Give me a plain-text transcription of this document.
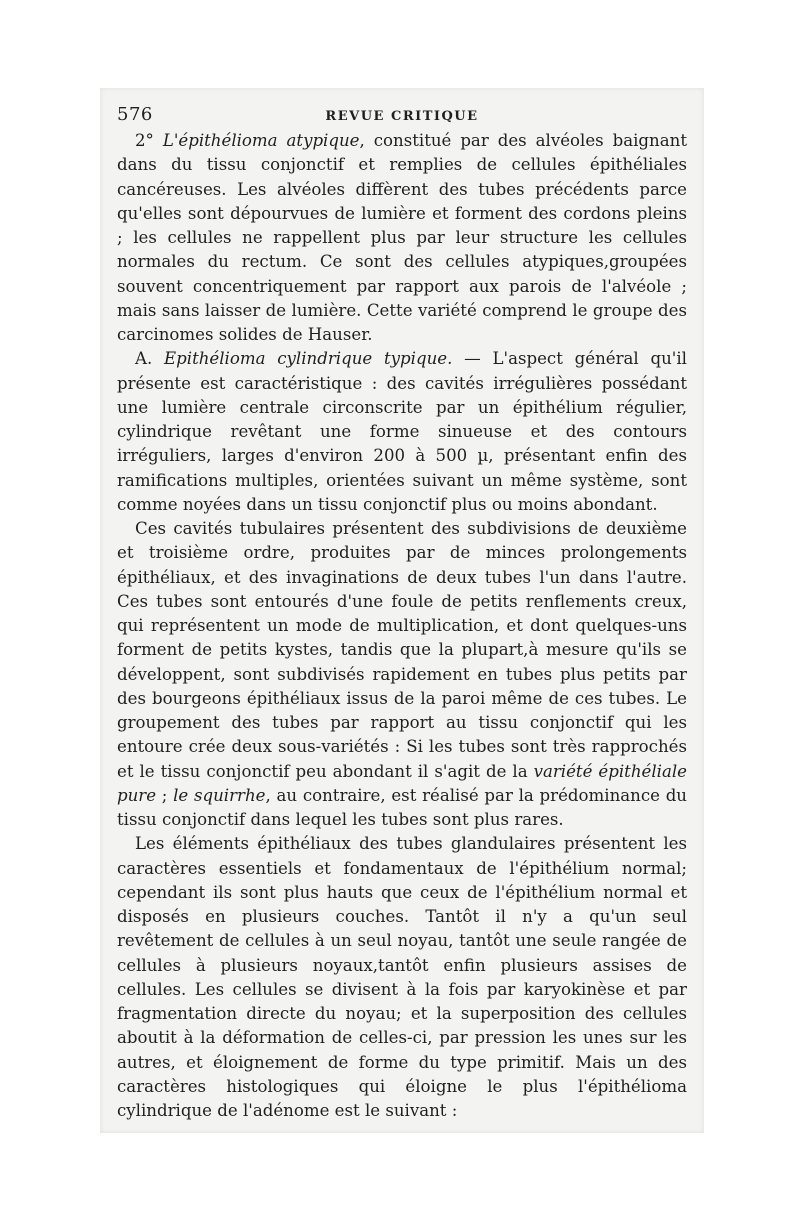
576	REVUE CRITIQUE

2° L'épithélioma atypique, constitué par des alvéoles baignant dans du tissu conjonctif et remplies de cellules épithéliales cancéreuses. Les alvéoles diffèrent des tubes précédents parce qu'elles sont dépourvues de lumière et forment des cordons pleins ; les cellules ne rappellent plus par leur structure les cellules normales du rectum. Ce sont des cellules atypiques,groupées souvent concentriquement par rapport aux parois de l'alvéole ; mais sans laisser de lumière. Cette variété comprend le groupe des carcinomes solides de Hauser.

A. Epithélioma cylindrique typique. — L'aspect général qu'il présente est caractéristique : des cavités irrégulières possédant une lumière centrale circonscrite par un épithélium régulier, cylindrique revêtant une forme sinueuse et des contours irréguliers, larges d'environ 200 à 500 µ, présentant enfin des ramifications multiples, orientées suivant un même système, sont comme noyées dans un tissu conjonctif plus ou moins abondant.

Ces cavités tubulaires présentent des subdivisions de deuxième et troisième ordre, produites par de minces prolongements épithéliaux, et des invaginations de deux tubes l'un dans l'autre. Ces tubes sont entourés d'une foule de petits renflements creux, qui représentent un mode de multiplication, et dont quelques-uns forment de petits kystes, tandis que la plupart,à mesure qu'ils se développent, sont subdivisés rapidement en tubes plus petits par des bourgeons épithéliaux issus de la paroi même de ces tubes. Le groupement des tubes par rapport au tissu conjonctif qui les entoure crée deux sous-variétés : Si les tubes sont très rapprochés et le tissu conjonctif peu abondant il s'agit de la variété épithéliale pure ; le squirrhe, au contraire, est réalisé par la prédominance du tissu conjonctif dans lequel les tubes sont plus rares.

Les éléments épithéliaux des tubes glandulaires présentent les caractères essentiels et fondamentaux de l'épithélium normal; cependant ils sont plus hauts que ceux de l'épithélium normal et disposés en plusieurs couches. Tantôt il n'y a qu'un seul revêtement de cellules à un seul noyau, tantôt une seule rangée de cellules à plusieurs noyaux,tantôt enfin plusieurs assises de cellules. Les cellules se divisent à la fois par karyokinèse et par fragmentation directe du noyau; et la superposition des cellules aboutit à la déformation de celles-ci, par pression les unes sur les autres, et éloignement de forme du type primitif. Mais un des caractères histologiques qui éloigne le plus l'épithélioma cylindrique de l'adénome est le suivant :
